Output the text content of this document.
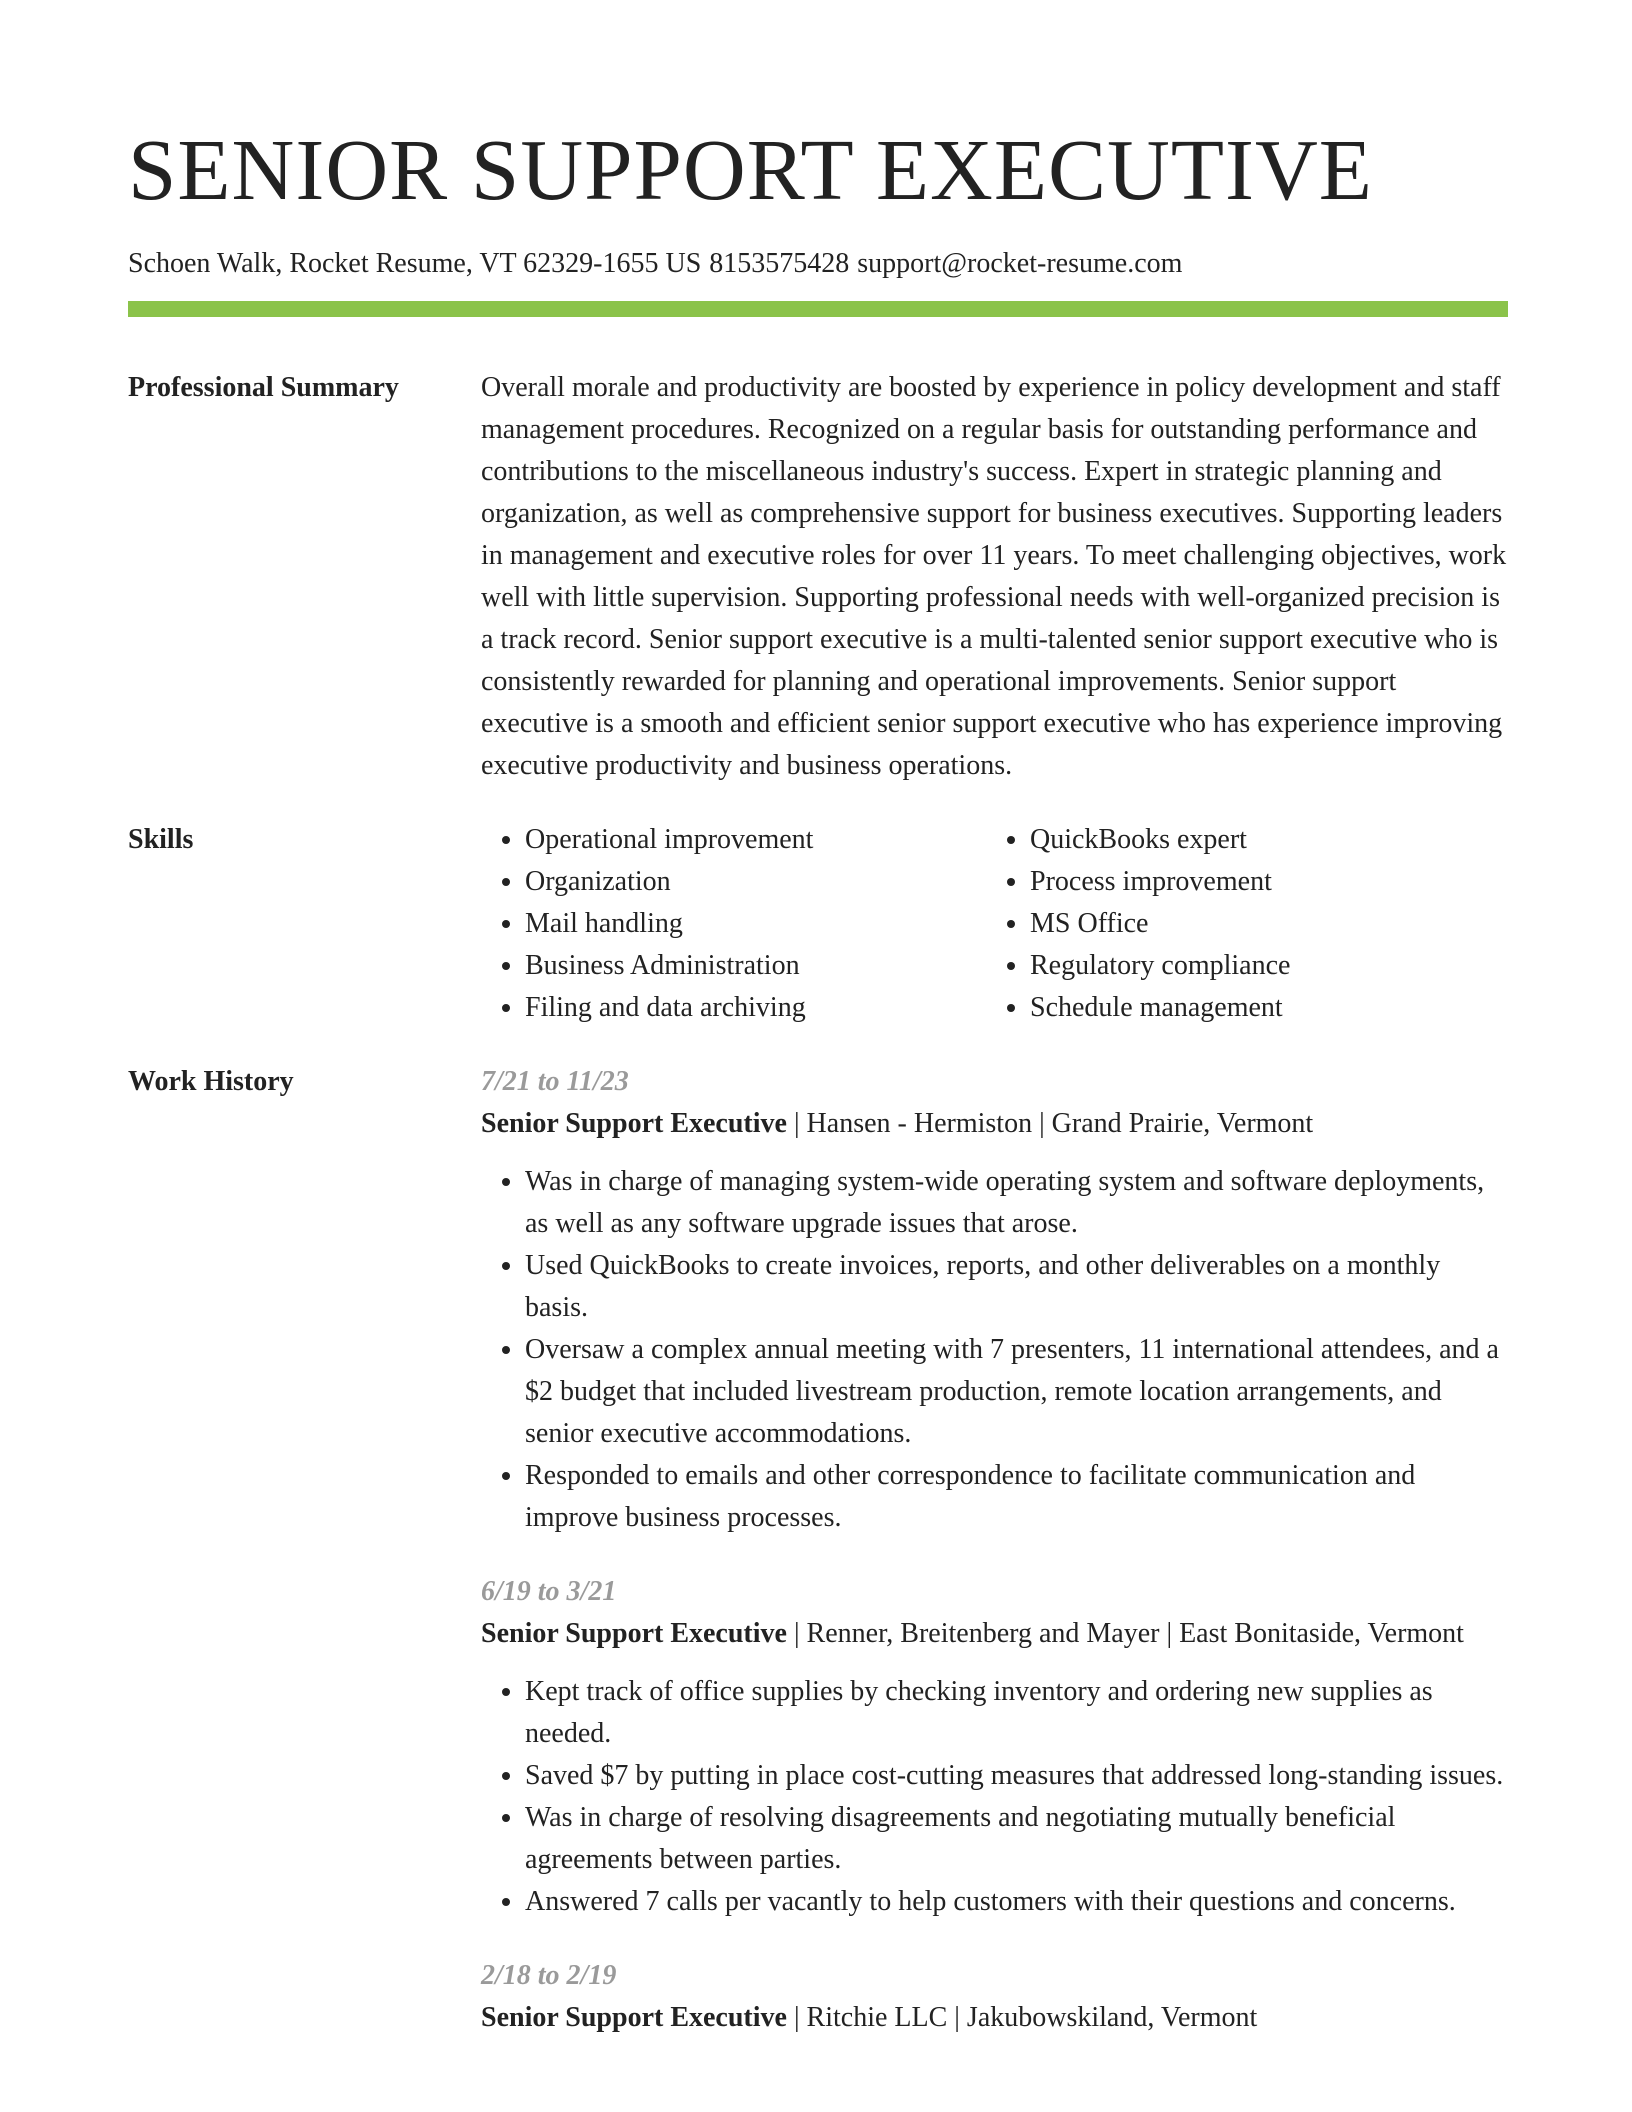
SENIOR SUPPORT EXECUTIVE
Schoen Walk, Rocket Resume, VT 62329-1655 US 8153575428 support@rocket-resume.com
Professional Summary	Overall morale and productivity are boosted by experience in policy development and staff management procedures. Recognized on a regular basis for outstanding performance and contributions to the miscellaneous industry's success. Expert in strategic planning and organization, as well as comprehensive support for business executives. Supporting leaders in management and executive roles for over 11 years. To meet challenging objectives, work well with little supervision. Supporting professional needs with well-organized precision is a track record. Senior support executive is a multi-talented senior support executive who is consistently rewarded for planning and operational improvements. Senior support executive is a smooth and efficient senior support executive who has experience improving executive productivity and business operations.

Skills
•	Operational improvement
• Organization
• Mail handling
• Business Administration
• Filing and data archiving
• QuickBooks expert
• Process improvement
• MS Office
• Regulatory compliance
• Schedule management
Work History	7/21 to 11/23
Senior Support Executive | Hansen - Hermiston | Grand Prairie, Vermont
• Was in charge of managing system-wide operating system and software deployments, as well as any software upgrade issues that arose.
• Used QuickBooks to create invoices, reports, and other deliverables on a monthly basis.
• Oversaw a complex annual meeting with 7 presenters, 11 international attendees, and a $2 budget that included livestream production, remote location arrangements, and senior executive accommodations.
• Responded to emails and other correspondence to facilitate communication and improve business processes.
6/19 to 3/21
Senior Support Executive | Renner, Breitenberg and Mayer | East Bonitaside, Vermont
• Kept track of office supplies by checking inventory and ordering new supplies as needed.
• Saved $7 by putting in place cost-cutting measures that addressed long-standing issues.
• Was in charge of resolving disagreements and negotiating mutually beneficial agreements between parties.
• Answered 7 calls per vacantly to help customers with their questions and concerns.
2/18 to 2/19
Senior Support Executive | Ritchie LLC | Jakubowskiland, Vermont
